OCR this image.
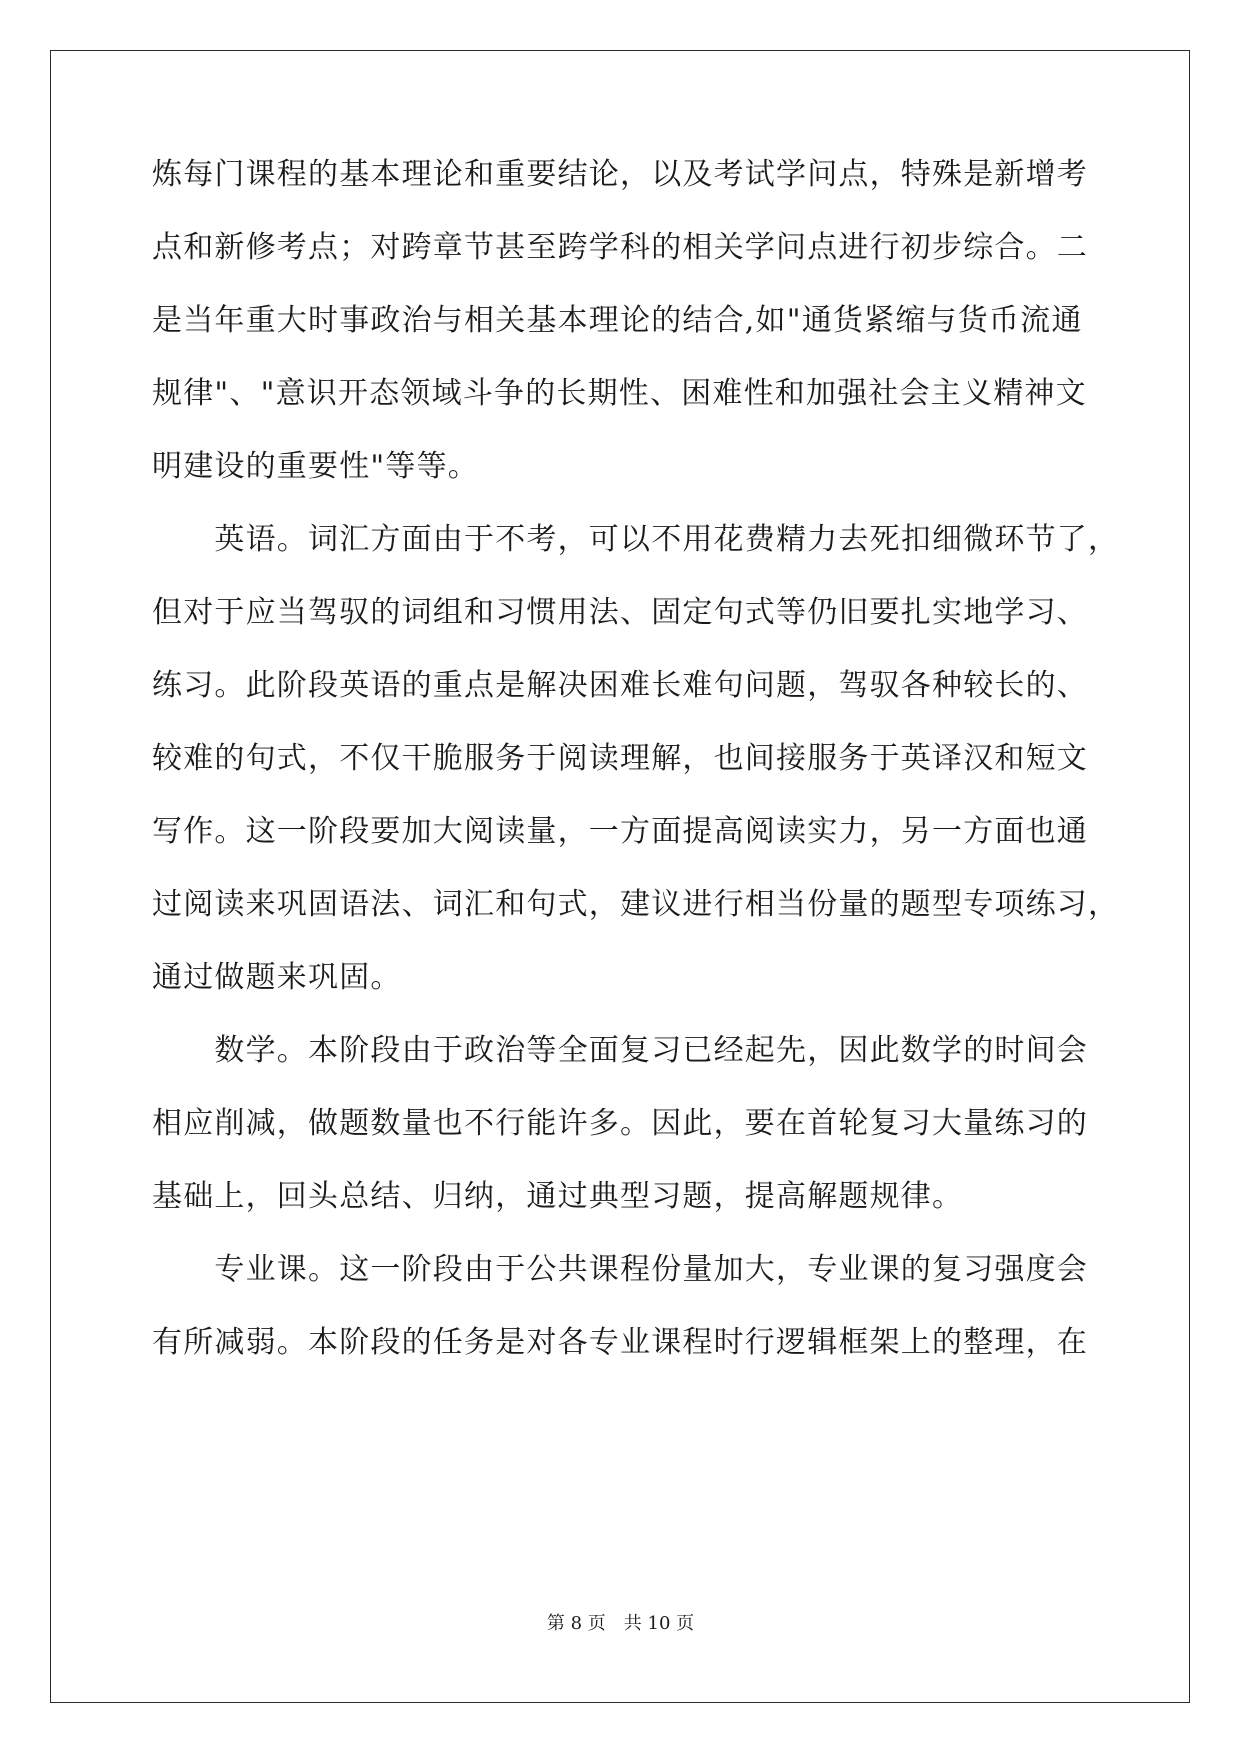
炼每门课程的基本理论和重要结论，以及考试学问点，特殊是新增考
点和新修考点；对跨章节甚至跨学科的相关学问点进行初步综合。二
是当年重大时事政治与相关基本理论的结合,如"通货紧缩与货币流通
规律"、"意识开态领域斗争的长期性、困难性和加强社会主义精神文
明建设的重要性"等等。
　　英语。词汇方面由于不考，可以不用花费精力去死扣细微环节了，
但对于应当驾驭的词组和习惯用法、固定句式等仍旧要扎实地学习、
练习。此阶段英语的重点是解决困难长难句问题，驾驭各种较长的、
较难的句式，不仅干脆服务于阅读理解，也间接服务于英译汉和短文
写作。这一阶段要加大阅读量，一方面提高阅读实力，另一方面也通
过阅读来巩固语法、词汇和句式，建议进行相当份量的题型专项练习，
通过做题来巩固。
　　数学。本阶段由于政治等全面复习已经起先，因此数学的时间会
相应削减，做题数量也不行能许多。因此，要在首轮复习大量练习的
基础上，回头总结、归纳，通过典型习题，提高解题规律。
　　专业课。这一阶段由于公共课程份量加大，专业课的复习强度会
有所减弱。本阶段的任务是对各专业课程时行逻辑框架上的整理，在
第 8 页　共 10 页
